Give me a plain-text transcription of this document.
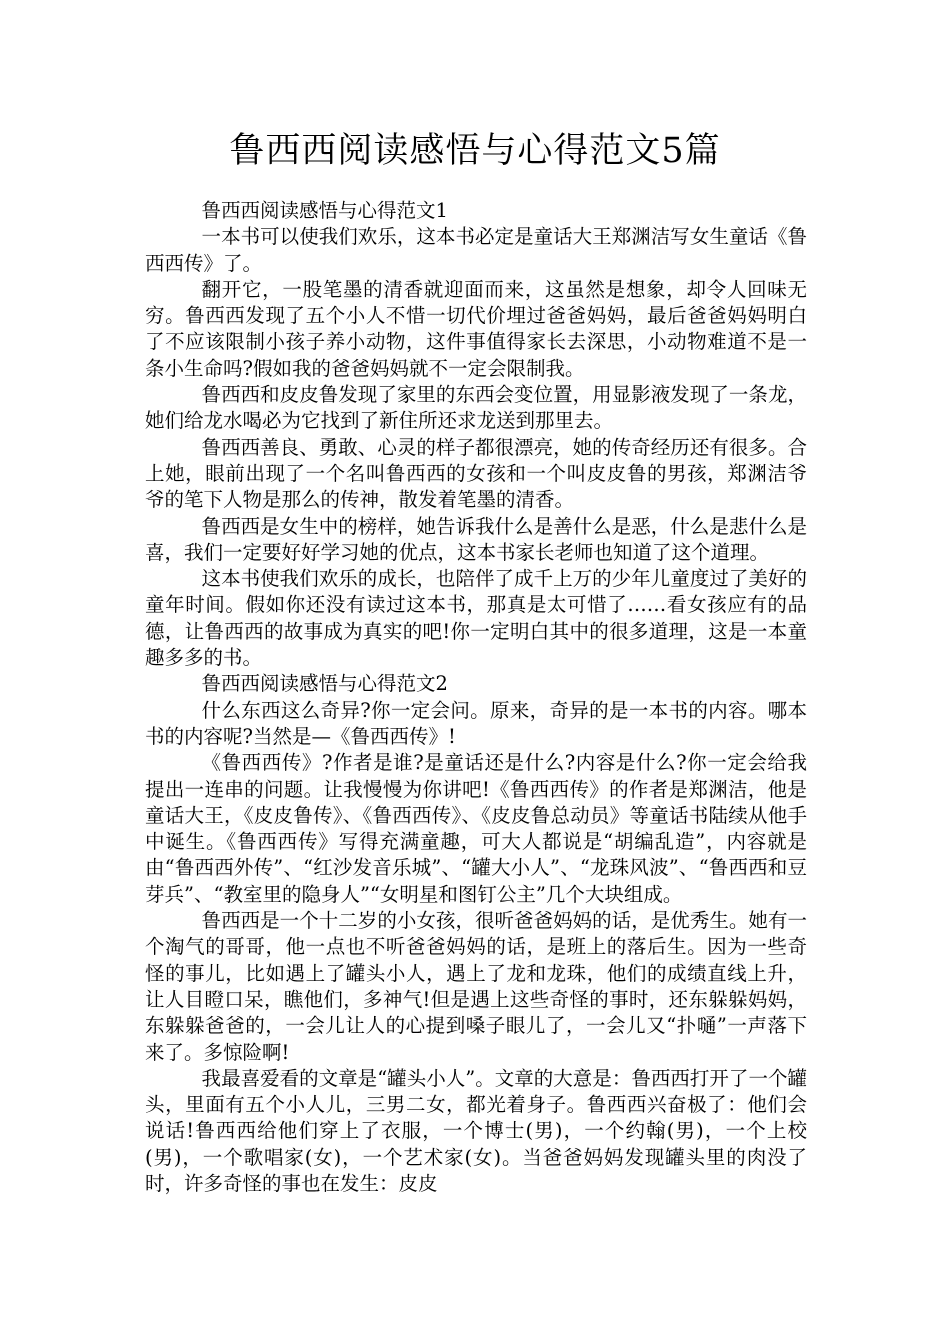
鲁西西阅读感悟与心得范文5篇

鲁西西阅读感悟与心得范文1

一本书可以使我们欢乐，这本书必定是童话大王郑渊洁写女生童话《鲁西西传》了。

翻开它，一股笔墨的清香就迎面而来，这虽然是想象，却令人回味无穷。鲁西西发现了五个小人不惜一切代价埋过爸爸妈妈，最后爸爸妈妈明白了不应该限制小孩子养小动物，这件事值得家长去深思，小动物难道不是一条小生命吗?假如我的爸爸妈妈就不一定会限制我。

鲁西西和皮皮鲁发现了家里的东西会变位置，用显影液发现了一条龙，她们给龙水喝必为它找到了新住所还求龙送到那里去。

鲁西西善良、勇敢、心灵的样子都很漂亮，她的传奇经历还有很多。合上她，眼前出现了一个名叫鲁西西的女孩和一个叫皮皮鲁的男孩，郑渊洁爷爷的笔下人物是那么的传神，散发着笔墨的清香。

鲁西西是女生中的榜样，她告诉我什么是善什么是恶，什么是悲什么是喜，我们一定要好好学习她的优点，这本书家长老师也知道了这个道理。

这本书使我们欢乐的成长，也陪伴了成千上万的少年儿童度过了美好的童年时间。假如你还没有读过这本书，那真是太可惜了……看女孩应有的品德，让鲁西西的故事成为真实的吧!你一定明白其中的很多道理，这是一本童趣多多的书。

鲁西西阅读感悟与心得范文2

什么东西这么奇异?你一定会问。原来，奇异的是一本书的内容。哪本书的内容呢?当然是—《鲁西西传》!

《鲁西西传》?作者是谁?是童话还是什么?内容是什么?你一定会给我提出一连串的问题。让我慢慢为你讲吧!《鲁西西传》的作者是郑渊洁，他是童话大王，《皮皮鲁传》、《鲁西西传》、《皮皮鲁总动员》等童话书陆续从他手中诞生。《鲁西西传》写得充满童趣，可大人都说是“胡编乱造”，内容就是由“鲁西西外传”、“红沙发音乐城”、“罐大小人”、“龙珠风波”、“鲁西西和豆芽兵”、“教室里的隐身人”“女明星和图钉公主”几个大块组成。

鲁西西是一个十二岁的小女孩，很听爸爸妈妈的话，是优秀生。她有一个淘气的哥哥，他一点也不听爸爸妈妈的话，是班上的落后生。因为一些奇怪的事儿，比如遇上了罐头小人，遇上了龙和龙珠，他们的成绩直线上升，让人目瞪口呆，瞧他们，多神气!但是遇上这些奇怪的事时，还东躲躲妈妈，东躲躲爸爸的，一会儿让人的心提到嗓子眼儿了，一会儿又“扑嗵”一声落下来了。多惊险啊!

我最喜爱看的文章是“罐头小人”。文章的大意是：鲁西西打开了一个罐头，里面有五个小人儿，三男二女，都光着身子。鲁西西兴奋极了：他们会说话!鲁西西给他们穿上了衣服，一个博士(男)，一个约翰(男)，一个上校(男)，一个歌唱家(女)，一个艺术家(女)。当爸爸妈妈发现罐头里的肉没了时，许多奇怪的事也在发生：皮皮
